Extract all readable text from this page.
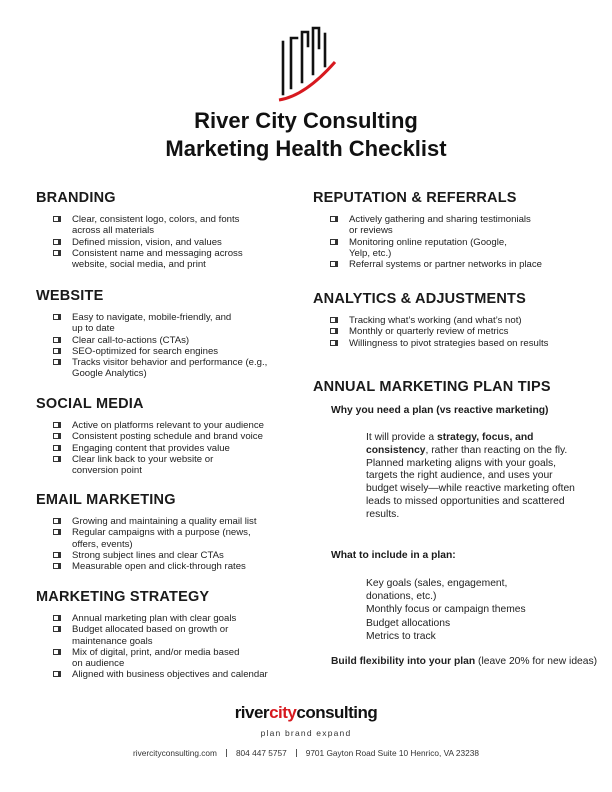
River City Consulting
Marketing Health Checklist
BRANDING
Clear, consistent logo, colors, and fonts
across all materials
Defined mission, vision, and values
Consistent name and messaging across
website, social media, and print
WEBSITE
Easy to navigate, mobile-friendly, and
up to date
Clear call-to-actions (CTAs)
SEO-optimized for search engines
Tracks visitor behavior and performance (e.g.,
Google Analytics)
SOCIAL MEDIA
Active on platforms relevant to your audience
Consistent posting schedule and brand voice
Engaging content that provides value
Clear link back to your website or
conversion point
EMAIL MARKETING
Growing and maintaining a quality email list
Regular campaigns with a purpose (news,
offers, events)
Strong subject lines and clear CTAs
Measurable open and click-through rates
MARKETING STRATEGY
Annual marketing plan with clear goals
Budget allocated based on growth or
maintenance goals
Mix of digital, print, and/or media based
on audience
Aligned with business objectives and calendar
REPUTATION & REFERRALS
Actively gathering and sharing testimonials
or reviews
Monitoring online reputation (Google,
Yelp, etc.)
Referral systems or partner networks in place
ANALYTICS & ADJUSTMENTS
Tracking what’s working (and what’s not)
Monthly or quarterly review of metrics
Willingness to pivot strategies based on results
ANNUAL MARKETING PLAN TIPS
Why you need a plan (vs reactive marketing)
It will provide a strategy, focus, and consistency, rather than reacting on the fly. Planned marketing aligns with your goals, targets the right audience, and uses your budget wisely—while reactive marketing often leads to missed opportunities and scattered results.
What to include in a plan:
Key goals (sales, engagement,
donations, etc.)
Monthly focus or campaign themes
Budget allocations
Metrics to track
Build flexibility into your plan (leave 20% for new ideas)
rivercityconsulting
plan brand expand
rivercityconsulting.com 804 447 5757 9701 Gayton Road Suite 10 Henrico, VA 23238
